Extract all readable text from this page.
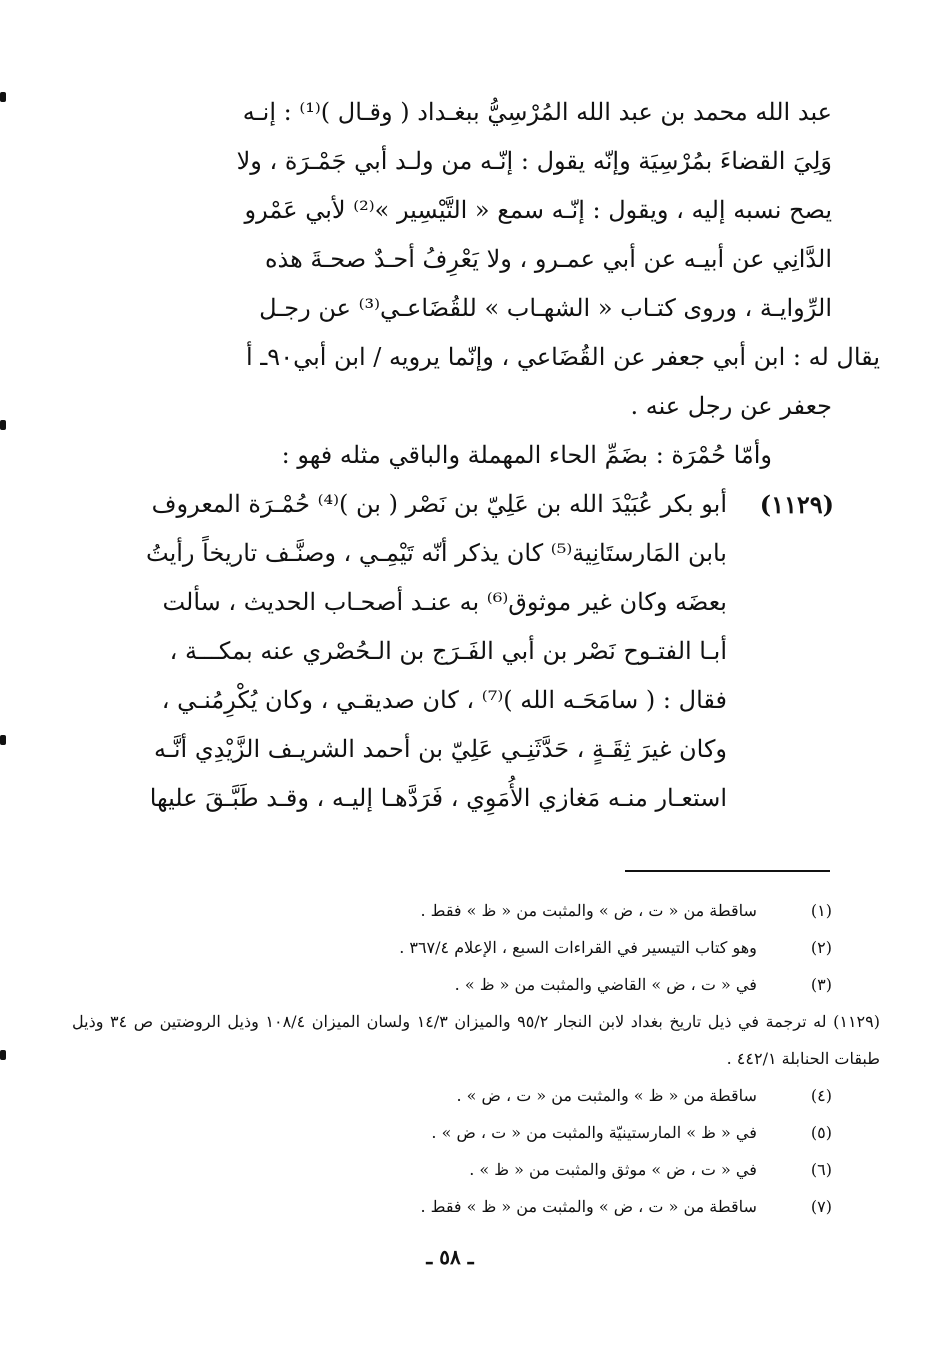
عبد الله محمد بن عبد الله المُرْسِيُّ ببغـداد ( وقـال )⁽¹⁾ : إنـه
وَلِيَ القضاءَ بمُرْسِيَة وإنّه يقول : إنّـه من ولـد أبي جَمْـرَة ، ولا
يصح نسبه إليه ، ويقول : إنّـه سمع « التَّيْسِير »⁽²⁾ لأبي عَمْرو
الدَّانِي عن أبيـه عن أبي عمـرو ، ولا يَعْرِفُ أحـدٌ صحـةَ هذه
الرِّوايـة ، وروى كتـاب « الشهـاب » للقُضَاعـي⁽³⁾ عن رجـل
يقال له : ابن أبي جعفر عن القُضَاعي ، وإنّما يرويه / ابن أبي٩٠ـ أ
جعفر عن رجل عنه .
وأمّا حُمْرَة : بضَمِّ الحاء المهملة والباقي مثله فهو :
(١١٢٩)
أبو بكر عُبَيْدَ الله بن عَلِيّ بن نَصْر ( بن )⁽⁴⁾ حُمْـرَة المعروف
بابن المَارستَانِية⁽⁵⁾ كان يذكر أنّه تَيْمِـي ، وصنَّـف تاريخاً رأيتُ
بعضَه وكان غير موثوق⁽⁶⁾ به عنـد أصحـاب الحديث ، سألت
أبـا الفتـوح نَصْر بن أبي الفَـرَج بن الـحُصْري عنه بمكـــة ،
فقال : ( سامَحَـه الله )⁽⁷⁾ ، كان صديقـي ، وكان يُكْرِمُنـي ،
وكان غيرَ ثِقَـةٍ ، حَدَّثَنِـي عَلِيّ بن أحمد الشريـف الزَّيْدِي أنَّـه
استعـار منـه مَغازي الأُمَوِي ، فَرَدَّهـا إليـه ، وقـد طَبَّـقَ عليها
(١) ساقطة من « ت ، ض » والمثبت من « ظ » فقط .
(٢) وهو كتاب التيسير في القراءات السبع ، الإعلام ٣٦٧/٤ .
(٣) في « ت ، ض » القاضي والمثبت من « ظ » .
(١١٢٩) له ترجمة في ذيل تاريخ بغداد لابن النجار ٩٥/٢ والميزان ١٤/٣ ولسان الميزان ١٠٨/٤ وذيل الروضتين ص ٣٤ وذيل طبقات الحنابلة ٤٤٢/١ .
(٤) ساقطة من « ظ » والمثبت من « ت ، ض » .
(٥) في « ظ » المارستينيّة والمثبت من « ت ، ض » .
(٦) في « ت ، ض » موثق والمثبت من « ظ » .
(٧) ساقطة من « ت ، ض » والمثبت من « ظ » فقط .
ـ ٥٨ ـ
